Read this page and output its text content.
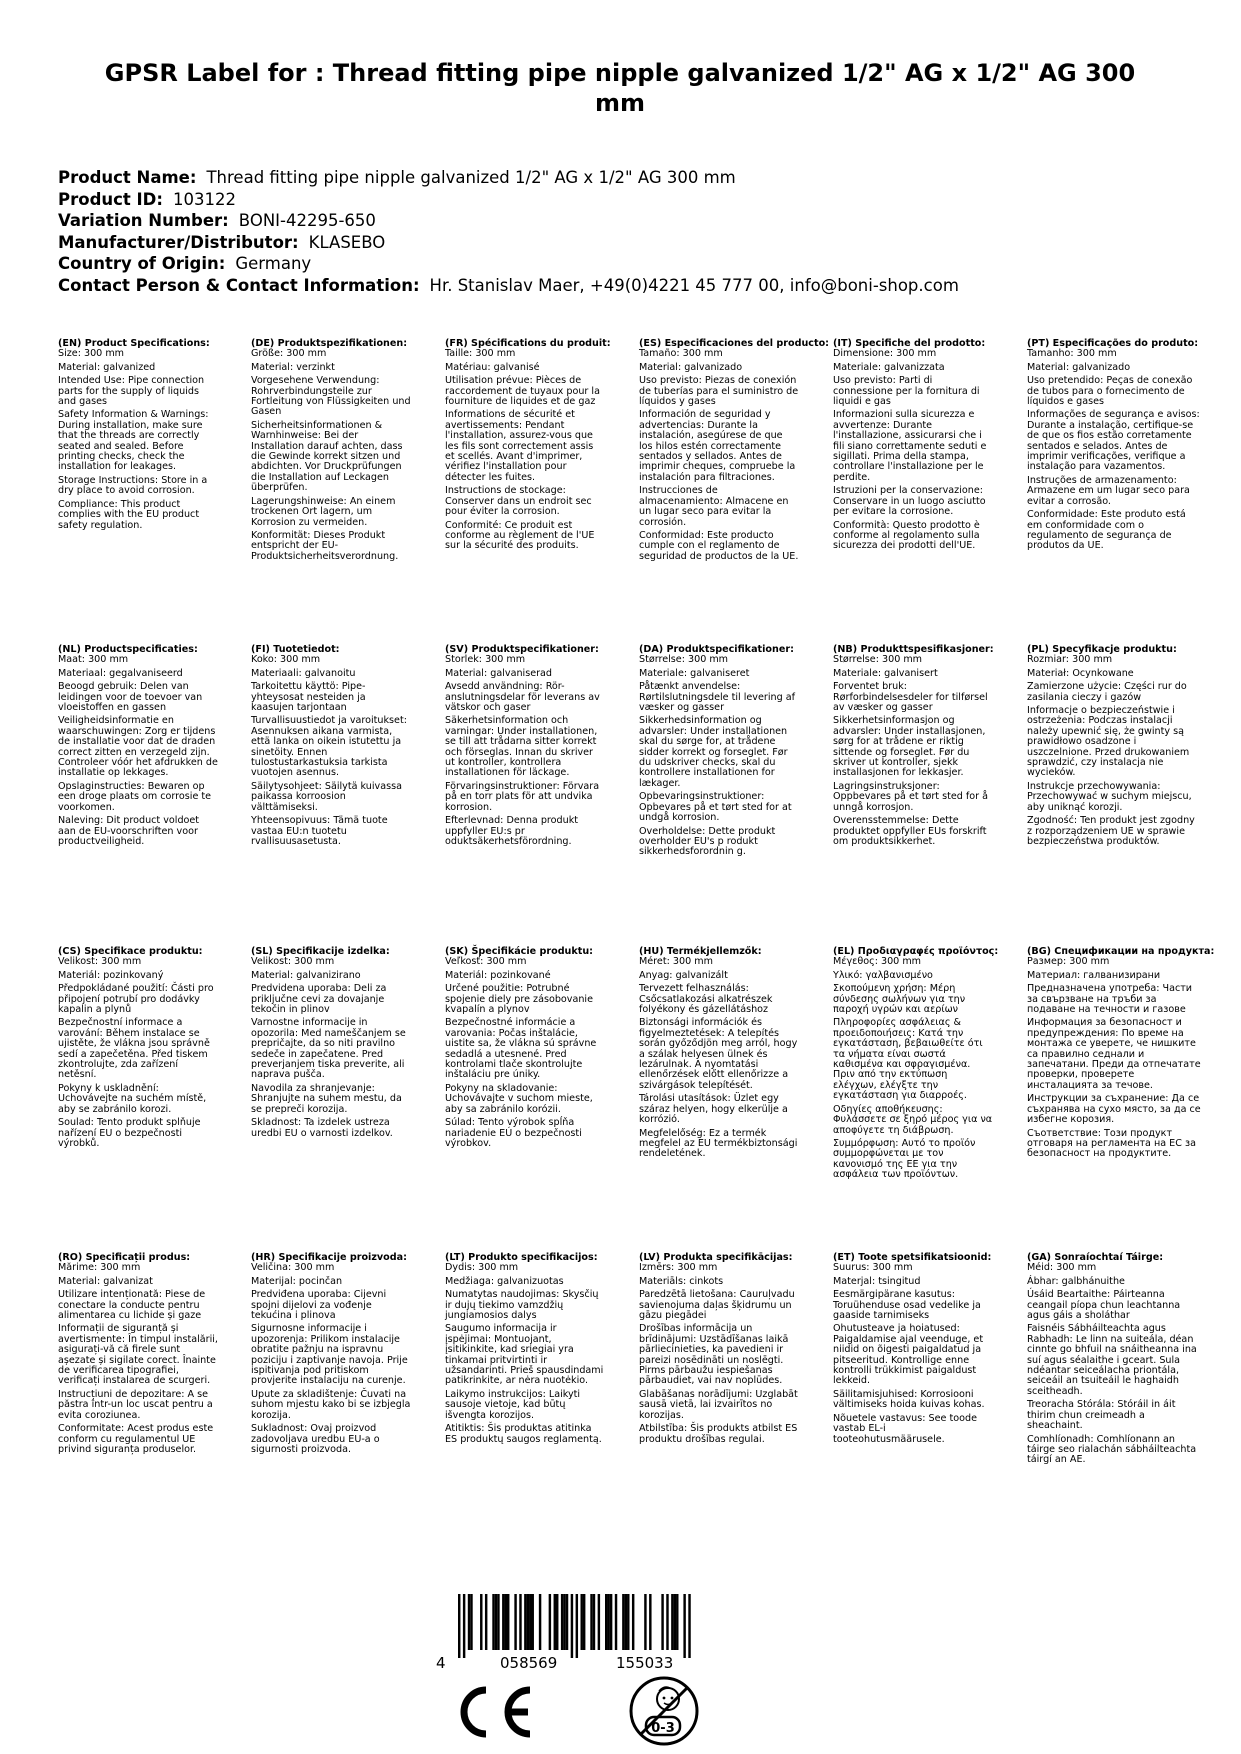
GPSR Label for : Thread fitting pipe nipple galvanized 1/2" AG x 1/2" AG 300 mm
Product Name: Thread fitting pipe nipple galvanized 1/2" AG x 1/2" AG 300 mm
Product ID: 103122
Variation Number: BONI-42295-650
Manufacturer/Distributor: KLASEBO
Country of Origin: Germany
Contact Person & Contact Information: Hr. Stanislav Maer, +49(0)4221 45 777 00, info@boni-shop.com
(EN) Product Specifications:
Size: 300 mm
Material: galvanized
Intended Use: Pipe connection parts for the supply of liquids and gases
Safety Information & Warnings: During installation, make sure that the threads are correctly seated and sealed. Before printing checks, check the installation for leakages.
Storage Instructions: Store in a dry place to avoid corrosion.
Compliance: This product complies with the EU product safety regulation.
(DE) Produktspezifikationen:
Größe: 300 mm
Material: verzinkt
Vorgesehene Verwendung: Rohrverbindungsteile zur Fortleitung von Flüssigkeiten und Gasen
Sicherheitsinformationen & Warnhinweise: Bei der Installation darauf achten, dass die Gewinde korrekt sitzen und abdichten. Vor Druckprüfungen die Installation auf Leckagen überprüfen.
Lagerungshinweise: An einem trockenen Ort lagern, um Korrosion zu vermeiden.
Konformität: Dieses Produkt entspricht der EU-Produktsicherheitsverordnung.
(FR) Spécifications du produit:
Taille: 300 mm
Matériau: galvanisé
Utilisation prévue: Pièces de raccordement de tuyaux pour la fourniture de liquides et de gaz
Informations de sécurité et avertissements: Pendant l'installation, assurez-vous que les fils sont correctement assis et scellés. Avant d'imprimer, vérifiez l'installation pour détecter les fuites.
Instructions de stockage: Conserver dans un endroit sec pour éviter la corrosion.
Conformité: Ce produit est conforme au règlement de l'UE sur la sécurité des produits.
(ES) Especificaciones del producto:
Tamaño: 300 mm
Material: galvanizado
Uso previsto: Piezas de conexión de tuberías para el suministro de líquidos y gases
Información de seguridad y advertencias: Durante la instalación, asegúrese de que los hilos estén correctamente sentados y sellados. Antes de imprimir cheques, compruebe la instalación para filtraciones.
Instrucciones de almacenamiento: Almacene en un lugar seco para evitar la corrosión.
Conformidad: Este producto cumple con el reglamento de seguridad de productos de la UE.
(IT) Specifiche del prodotto:
Dimensione: 300 mm
Materiale: galvanizzata
Uso previsto: Parti di connessione per la fornitura di liquidi e gas
Informazioni sulla sicurezza e avvertenze: Durante l'installazione, assicurarsi che i fili siano correttamente seduti e sigillati. Prima della stampa, controllare l'installazione per le perdite.
Istruzioni per la conservazione: Conservare in un luogo asciutto per evitare la corrosione.
Conformità: Questo prodotto è conforme al regolamento sulla sicurezza dei prodotti dell'UE.
(PT) Especificações do produto:
Tamanho: 300 mm
Material: galvanizado
Uso pretendido: Peças de conexão de tubos para o fornecimento de líquidos e gases
Informações de segurança e avisos: Durante a instalação, certifique-se de que os fios estão corretamente sentados e selados. Antes de imprimir verificações, verifique a instalação para vazamentos.
Instruções de armazenamento: Armazene em um lugar seco para evitar a corrosão.
Conformidade: Este produto está em conformidade com o regulamento de segurança de produtos da UE.
(NL) Productspecificaties:
Maat: 300 mm
Materiaal: gegalvaniseerd
Beoogd gebruik: Delen van leidingen voor de toevoer van vloeistoffen en gassen
Veiligheidsinformatie en waarschuwingen: Zorg er tijdens de installatie voor dat de draden correct zitten en verzegeld zijn. Controleer vóór het afdrukken de installatie op lekkages.
Opslaginstructies: Bewaren op een droge plaats om corrosie te voorkomen.
Naleving: Dit product voldoet aan de EU-voorschriften voor productveiligheid.
(FI) Tuotetiedot:
Koko: 300 mm
Materiaali: galvanoitu
Tarkoitettu käyttö: Pipe-yhteysosat nesteiden ja kaasujen tarjontaan
Turvallisuustiedot ja varoitukset: Asennuksen aikana varmista, että lanka on oikein istutettu ja sinetöity. Ennen tulostustarkastuksia tarkista vuotojen asennus.
Säilytysohjeet: Säilytä kuivassa paikassa korroosion välttämiseksi.
Yhteensopivuus: Tämä tuote vastaa EU:n tuotetu rvallisuusasetusta.
(SV) Produktspecifikationer:
Storlek: 300 mm
Material: galvaniserad
Avsedd användning: Rör-anslutningsdelar för leverans av vätskor och gaser
Säkerhetsinformation och varningar: Under installationen, se till att trådarna sitter korrekt och förseglas. Innan du skriver ut kontroller, kontrollera installationen för läckage.
Förvaringsinstruktioner: Förvara på en torr plats för att undvika korrosion.
Efterlevnad: Denna produkt uppfyller EU:s pr oduktsäkerhetsförordning.
(DA) Produktspecifikationer:
Størrelse: 300 mm
Materiale: galvaniseret
Påtænkt anvendelse: Rørtilslutningsdele til levering af væsker og gasser
Sikkerhedsinformation og advarsler: Under installationen skal du sørge for, at trådene sidder korrekt og forseglet. Før du udskriver checks, skal du kontrollere installationen for lækager.
Opbevaringsinstruktioner: Opbevares på et tørt sted for at undgå korrosion.
Overholdelse: Dette produkt overholder EU's p rodukt​sikkerhedsforordnin g.
(NB) Produkttspesifikasjoner:
Størrelse: 300 mm
Materiale: galvanisert
Forventet bruk: Rørforbindelsesdeler for tilførsel av væsker og gasser
Sikkerhetsinformasjon og advarsler: Under installasjonen, sørg for at trådene er riktig sittende og forseglet. Før du skriver ut kontroller, sjekk installasjonen for lekkasjer.
Lagringsinstruksjoner: Oppbevares på et tørt sted for å unngå korrosjon.
Overensstemmelse: Dette produktet oppfyller EUs forskrift om produktsikkerhet.
(PL) Specyfikacje produktu:
Rozmiar: 300 mm
Materiał: Ocynkowane
Zamierzone użycie: Części rur do zasilania cieczy i gazów
Informacje o bezpieczeństwie i ostrzeżenia: Podczas instalacji należy upewnić się, że gwinty są prawidłowo osadzone i uszczelnione. Przed drukowaniem sprawdzić, czy instalacja nie wycieków.
Instrukcje przechowywania: Przechowywać w suchym miejscu, aby uniknąć korozji.
Zgodność: Ten produkt jest zgodny z rozporządzeniem UE w sprawie bezpieczeństwa produktów.
(CS) Specifikace produktu:
Velikost: 300 mm
Materiál: pozinkovaný
Předpokládané použití: Části pro připojení potrubí pro dodávky kapalin a plynů
Bezpečnostní informace a varování: Během instalace se ujistěte, že vlákna jsou správně sedí a zapečetěna. Před tiskem zkontrolujte, zda zařízení netěsní.
Pokyny k uskladnění: Uchovávejte na suchém místě, aby se zabránilo korozi.
Soulad: Tento produkt splňuje nařízení EU o bezpečnosti výrobků.
(SL) Specifikacije izdelka:
Velikost: 300 mm
Material: galvanizirano
Predvidena uporaba: Deli za priključne cevi za dovajanje tekočin in plinov
Varnostne informacije in opozorila: Med nameščanjem se prepričajte, da so niti pravilno sedeče in zapečatene. Pred preverjanjem tiska preverite, ali naprava pušča.
Navodila za shranjevanje: Shranjujte na suhem mestu, da se prepreči korozija.
Skladnost: Ta izdelek ustreza uredbi EU o varnosti izdelkov.
(SK) Špecifikácie produktu:
Veľkosť: 300 mm
Materiál: pozinkované
Určené použitie: Potrubné spojenie diely pre zásobovanie kvapalín a plynov
Bezpečnostné informácie a varovania: Počas inštalácie, uistite sa, že vlákna sú správne sedadlá a utesnené. Pred kontrolami tlače skontrolujte inštaláciu pre úniky.
Pokyny na skladovanie: Uchovávajte v suchom mieste, aby sa zabránilo korózii.
Súlad: Tento výrobok spĺňa nariadenie EÚ o bezpečnosti výrobkov.
(HU) Termékjellemzők:
Méret: 300 mm
Anyag: galvanizált
Tervezett felhasználás: Csőcsatlakozási alkatrészek folyékony és gázellátáshoz
Biztonsági információk és figyelmeztetések: A telepítés során győződjön meg arról, hogy a szálak helyesen ülnek és lezárulnak. A nyomtatási ellenőrzések előtt ellenőrizze a szivárgások telepítését.
Tárolási utasítások: Üzlet egy száraz helyen, hogy elkerülje a korrózió.
Megfelelőség: Ez a termék megfelel az EU termékbiztonsági rendeletének.
(EL) Προδιαγραφές προϊόντος:
Μέγεθος: 300 mm
Υλικό: γαλβανισμένο
Σκοπούμενη χρήση: Μέρη σύνδεσης σωλήνων για την παροχή υγρών και αερίων
Πληροφορίες ασφάλειας & προειδοποιήσεις: Κατά την εγκατάσταση, βεβαιωθείτε ότι τα νήματα είναι σωστά καθισμένα και σφραγισμένα. Πριν από την εκτύπωση ελέγχων, ελέγξτε την εγκατάσταση για διαρροές.
Οδηγίες αποθήκευσης: Φυλάσσετε σε ξηρό μέρος για να αποφύγετε τη διάβρωση.
Συμμόρφωση: Αυτό το προϊόν συμμορφώνεται με τον κανονισμό της ΕΕ για την ασφάλεια των προϊόντων.
(BG) Спецификации на продукта:
Размер: 300 mm
Материал: галванизирани
Предназначена употреба: Части за свързване на тръби за подаване на течности и газове
Информация за безопасност и предупреждения: По време на монтажа се уверете, че нишките са правилно седнали и запечатани. Преди да отпечатате проверки, проверете инсталацията за течове.
Инструкции за съхранение: Да се съхранява на сухо място, за да се избегне корозия.
Съответствие: Този продукт отговаря на регламента на ЕС за безопасност на продуктите.
(RO) Specificații produs:
Mărime: 300 mm
Material: galvanizat
Utilizare intenționată: Piese de conectare la conducte pentru alimentarea cu lichide și gaze
Informații de siguranță și avertismente: În timpul instalării, asigurați-vă că firele sunt așezate și sigilate corect. Înainte de verificarea tipografiei, verificați instalarea de scurgeri.
Instrucțiuni de depozitare: A se păstra într-un loc uscat pentru a evita coroziunea.
Conformitate: Acest produs este conform cu regulamentul UE privind siguranța produselor.
(HR) Specifikacije proizvoda:
Veličina: 300 mm
Materijal: pocinčan
Predviđena uporaba: Cijevni spojni dijelovi za vođenje tekućina i plinova
Sigurnosne informacije i upozorenja: Prilikom instalacije obratite pažnju na ispravnu poziciju i zaptivanje navoja. Prije ispitivanja pod pritiskom provjerite instalaciju na curenje.
Upute za skladištenje: Čuvati na suhom mjestu kako bi se izbjegla korozija.
Sukladnost: Ovaj proizvod zadovoljava uredbu EU-a o sigurnosti proizvoda.
(LT) Produkto specifikacijos:
Dydis: 300 mm
Medžiaga: galvanizuotas
Numatytas naudojimas: Skysčių ir dujų tiekimo vamzdžių jungiamosios dalys
Saugumo informacija ir įspėjimai: Montuojant, įsitikinkite, kad sriegiai yra tinkamai pritvirtinti ir užsandarinti. Prieš spausdindami patikrinkite, ar nėra nuotėkio.
Laikymo instrukcijos: Laikyti sausoje vietoje, kad būtų išvengta korozijos.
Atitiktis: Šis produktas atitinka ES produktų saugos reglamentą.
(LV) Produkta specifikācijas:
Izmērs: 300 mm
Materiāls: cinkots
Paredzētā lietošana: Cauruļvadu savienojuma daļas šķidrumu un gāzu piegādei
Drošības informācija un brīdinājumi: Uzstādīšanas laikā pārliecinieties, ka pavedieni ir pareizi nosēdināti un noslēgti. Pirms pārbaužu iespiešanas pārbaudiet, vai nav noplūdes.
Glabāšanas norādījumi: Uzglabāt sausā vietā, lai izvairītos no korozijas.
Atbilstība: Šis produkts atbilst ES produktu drošības regulai.
(ET) Toote spetsifikatsioonid:
Suurus: 300 mm
Materjal: tsingitud
Eesmärgipärane kasutus: Toruühenduse osad vedelike ja gaaside tarnimiseks
Ohutusteave ja hoiatused: Paigaldamise ajal veenduge, et niidid on õigesti paigaldatud ja pitseeritud. Kontrollige enne kontrolli trükkimist paigaldust lekkeid.
Säilitamisjuhised: Korrosiooni vältimiseks hoida kuivas kohas.
Nõuetele vastavus: See toode vastab EL-i tooteohutusmääruselе.
(GA) Sonraíochtaí Táirge:
Méid: 300 mm
Ábhar: galbhánuithe
Úsáid Beartaithe: Páirteanna ceangail píopa chun leachtanna agus gáis a sholáthar
Faisnéis Sábháilteachta agus Rabhadh: Le linn na suiteála, déan cinnte go bhfuil na snáitheanna ina suí agus séalaithe i gceart. Sula ndéantar seiceálacha priontála, seiceáil an tsuiteáil le haghaidh sceitheadh.
Treoracha Stórála: Stóráil in áit thirim chun creimeadh a sheachaint.
Comhlíonadh: Comhlíonann an táirge seo rialachán sábháilteachta táirgí an AE.
4	058569	155033
0-3
